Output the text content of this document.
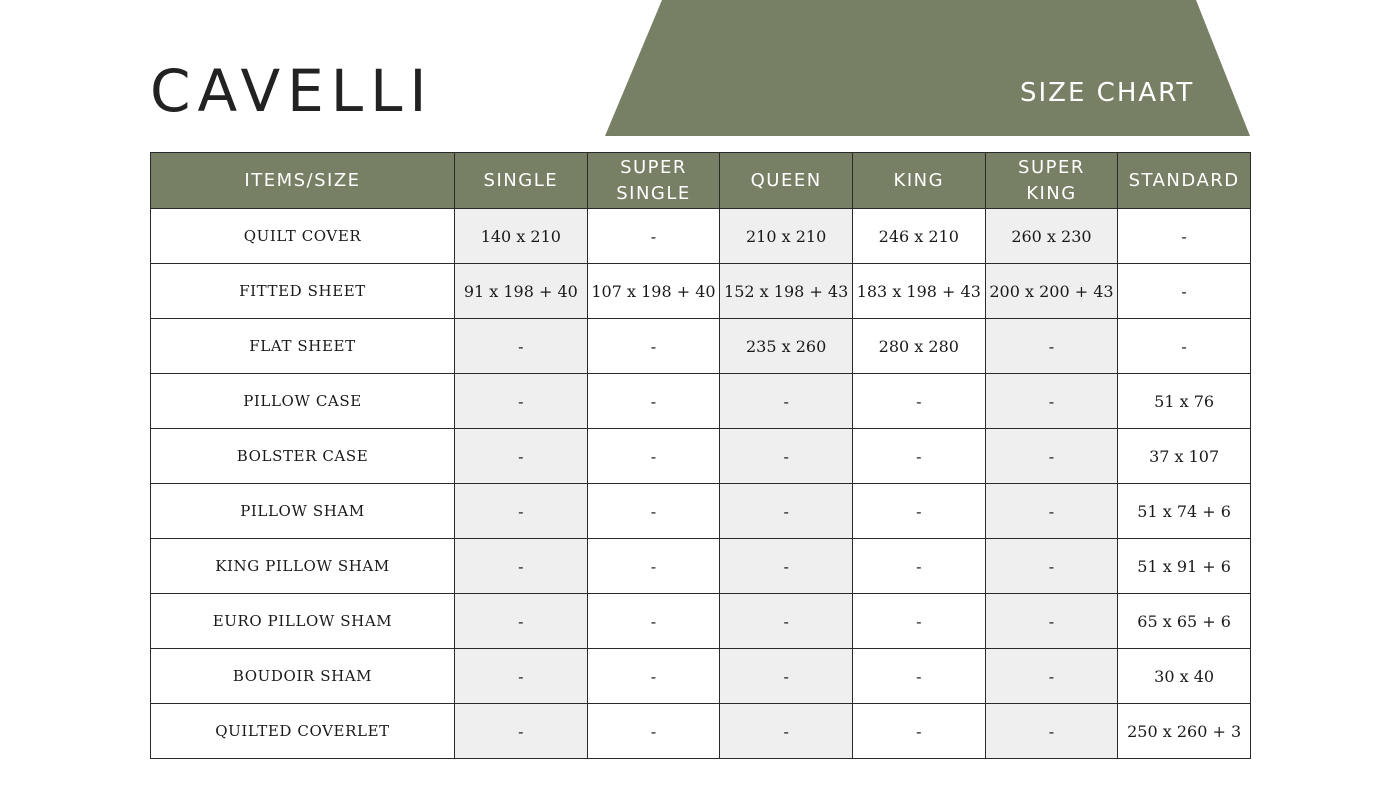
CAVELLI	SIZE CHART
ITEMS/SIZE	SINGLE	SUPER SINGLE	QUEEN	KING	SUPER KING	STANDARD
QUILT COVER	140 x 210	-	210 x 210	246 x 210	260 x 230	-
FITTED SHEET	91 x 198 + 40	107 x 198 + 40	152 x 198 + 43	183 x 198 + 43	200 x 200 + 43	-
FLAT SHEET	-	-	235 x 260	280 x 280	-	-
PILLOW CASE	-	-	-	-	-	51 x 76
BOLSTER CASE	-	-	-	-	-	37 x 107
PILLOW SHAM	-	-	-	-	-	51 x 74 + 6
KING PILLOW SHAM	-	-	-	-	-	51 x 91 + 6
EURO PILLOW SHAM	-	-	-	-	-	65 x 65 + 6
BOUDOIR SHAM	-	-	-	-	-	30 x 40
QUILTED COVERLET	-	-	-	-	-	250 x 260 + 3
